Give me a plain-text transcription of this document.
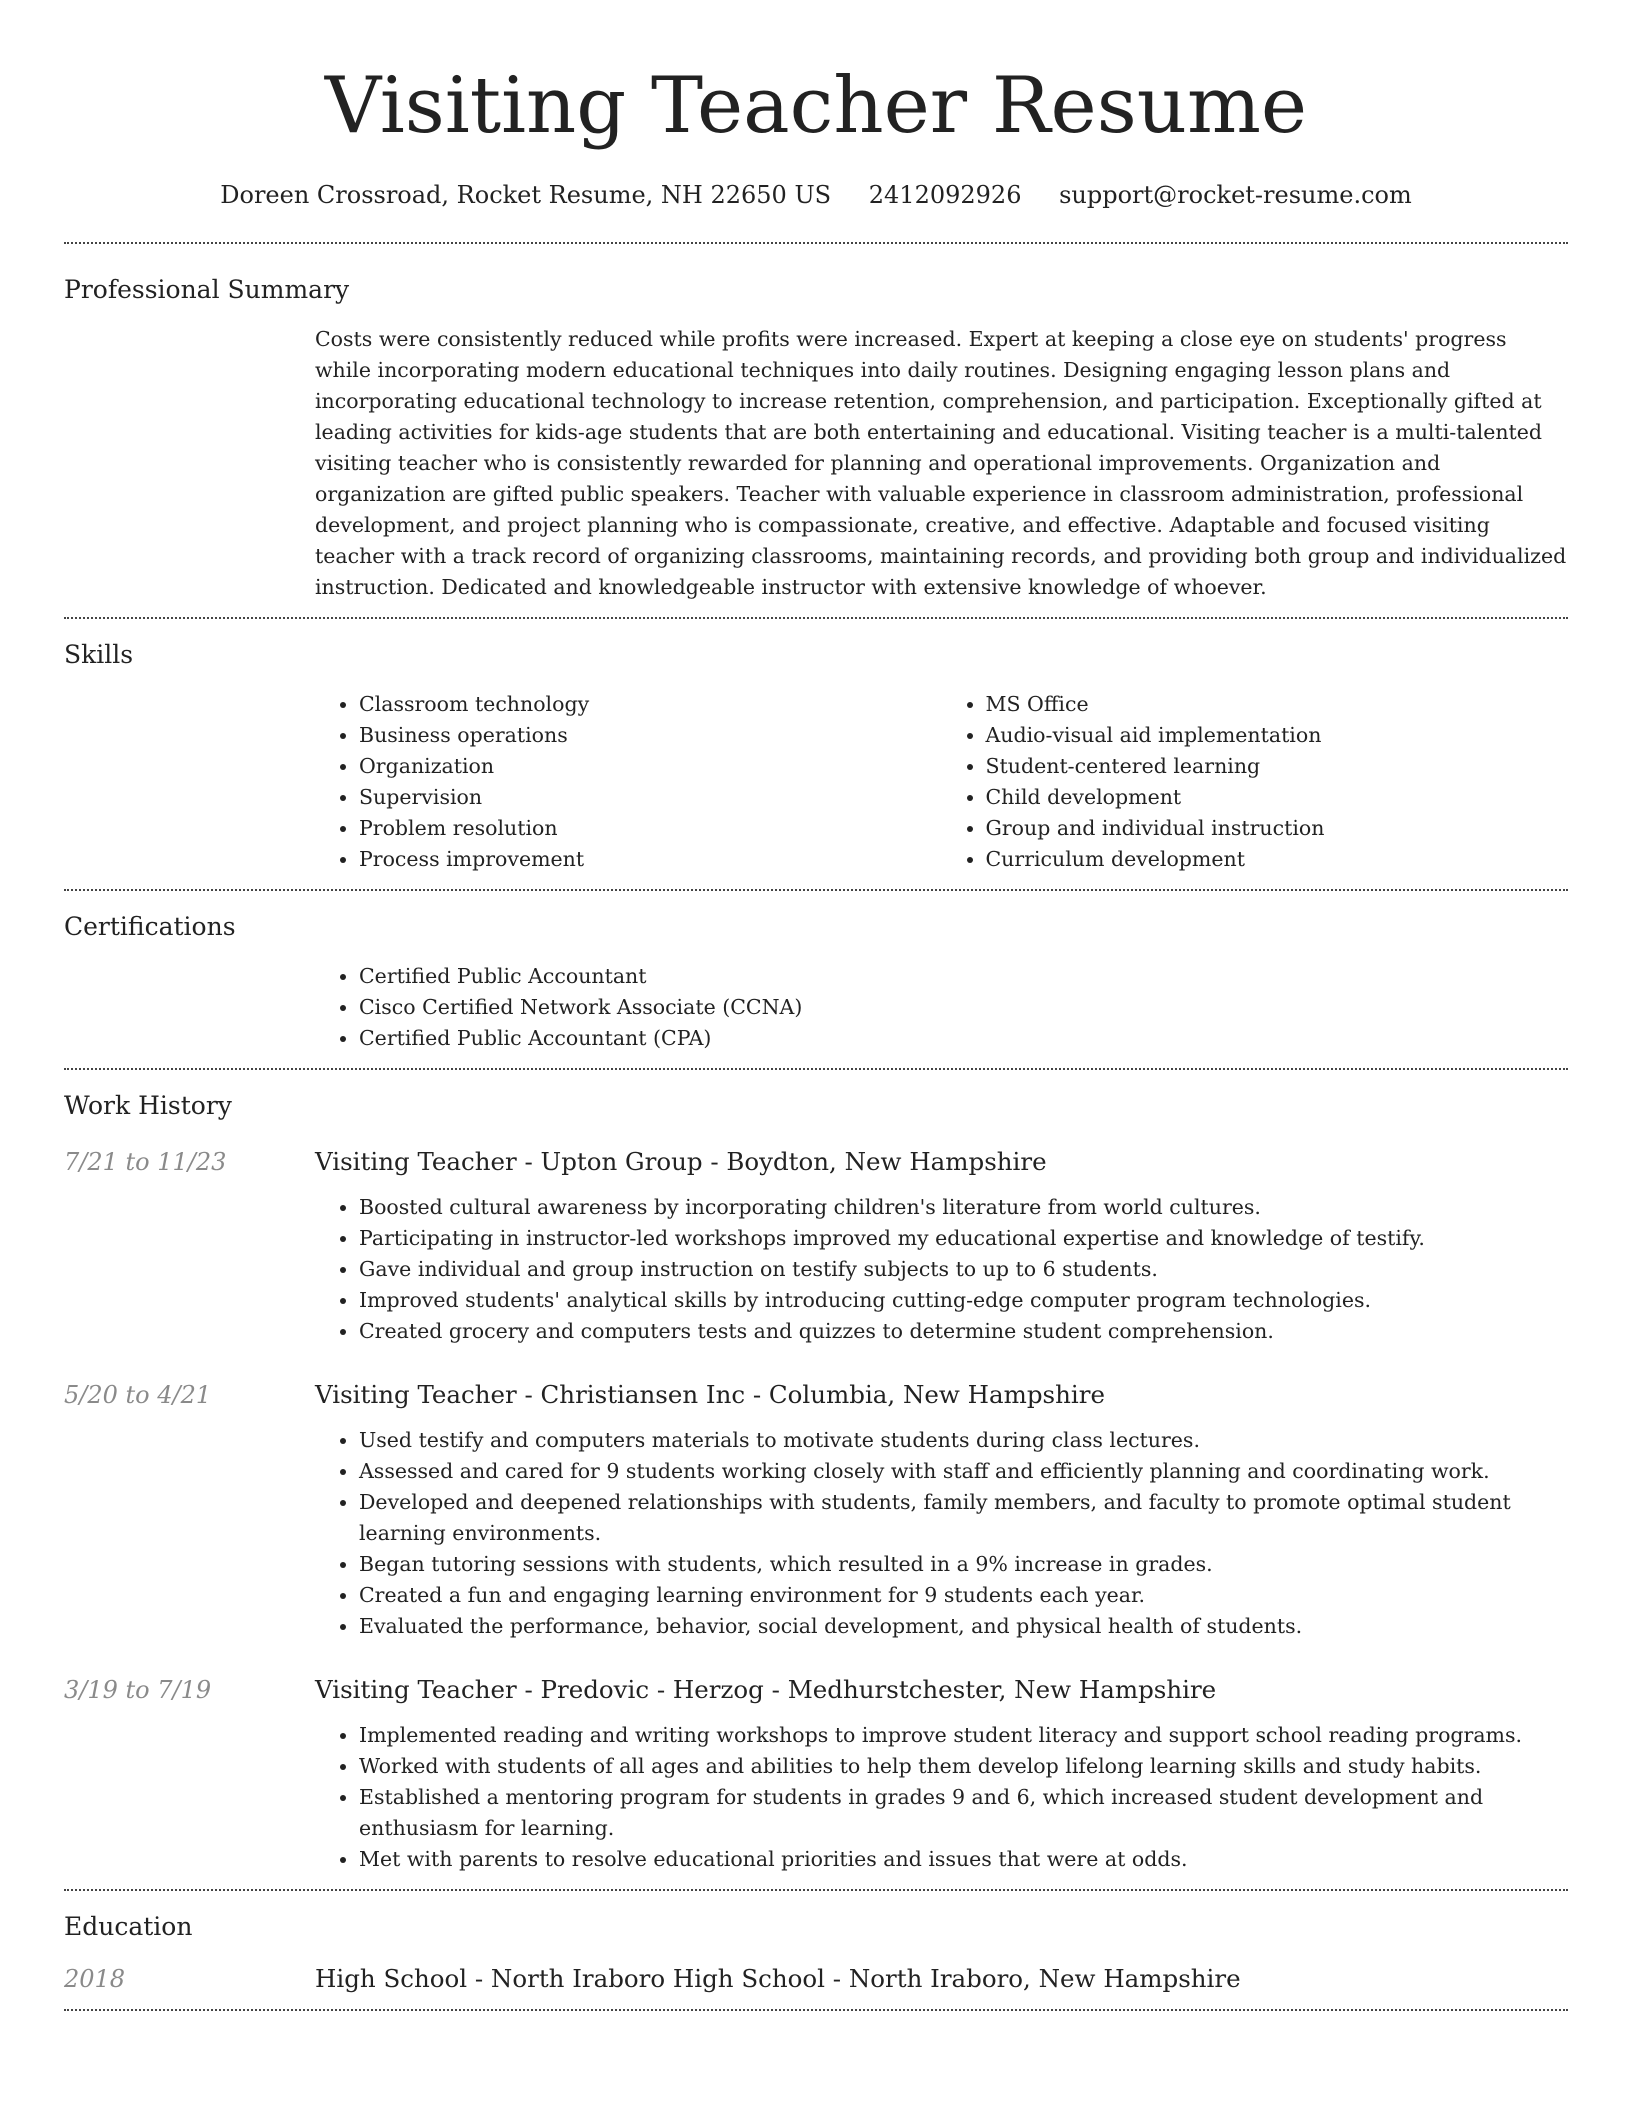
Visiting Teacher Resume
Doreen Crossroad, Rocket Resume, NH 22650 US 2412092926 support@rocket-resume.com
Professional Summary

Costs were consistently reduced while profits were increased. Expert at keeping a close eye on students' progress while incorporating modern educational techniques into daily routines. Designing engaging lesson plans and incorporating educational technology to increase retention, comprehension, and participation. Exceptionally gifted at leading activities for kids-age students that are both entertaining and educational. Visiting teacher is a multi-talented visiting teacher who is consistently rewarded for planning and operational improvements. Organization and organization are gifted public speakers. Teacher with valuable experience in classroom administration, professional development, and project planning who is compassionate, creative, and effective. Adaptable and focused visiting teacher with a track record of organizing classrooms, maintaining records, and providing both group and individualized instruction. Dedicated and knowledgeable instructor with extensive knowledge of whoever.

Skills
• Classroom technology
• Business operations
• Organization
• Supervision
• Problem resolution
• Process improvement
• MS Office
• Audio-visual aid implementation
• Student-centered learning
• Child development
• Group and individual instruction
• Curriculum development
Certifications
• Certified Public Accountant
• Cisco Certified Network Associate (CCNA)
• Certified Public Accountant (CPA)
Work History
7/21 to 11/23	Visiting Teacher - Upton Group - Boydton, New Hampshire
• Boosted cultural awareness by incorporating children's literature from world cultures.
• Participating in instructor-led workshops improved my educational expertise and knowledge of testify.
• Gave individual and group instruction on testify subjects to up to 6 students.
• Improved students' analytical skills by introducing cutting-edge computer program technologies.
• Created grocery and computers tests and quizzes to determine student comprehension.
5/20 to 4/21	Visiting Teacher - Christiansen Inc - Columbia, New Hampshire
• Used testify and computers materials to motivate students during class lectures.
• Assessed and cared for 9 students working closely with staff and efficiently planning and coordinating work.
• Developed and deepened relationships with students, family members, and faculty to promote optimal student learning environments.
• Began tutoring sessions with students, which resulted in a 9% increase in grades.
• Created a fun and engaging learning environment for 9 students each year.
• Evaluated the performance, behavior, social development, and physical health of students.
3/19 to 7/19	Visiting Teacher - Predovic - Herzog - Medhurstchester, New Hampshire
• Implemented reading and writing workshops to improve student literacy and support school reading programs.
• Worked with students of all ages and abilities to help them develop lifelong learning skills and study habits.
• Established a mentoring program for students in grades 9 and 6, which increased student development and enthusiasm for learning.
• Met with parents to resolve educational priorities and issues that were at odds.
Education
2018	High School - North Iraboro High School - North Iraboro, New Hampshire
